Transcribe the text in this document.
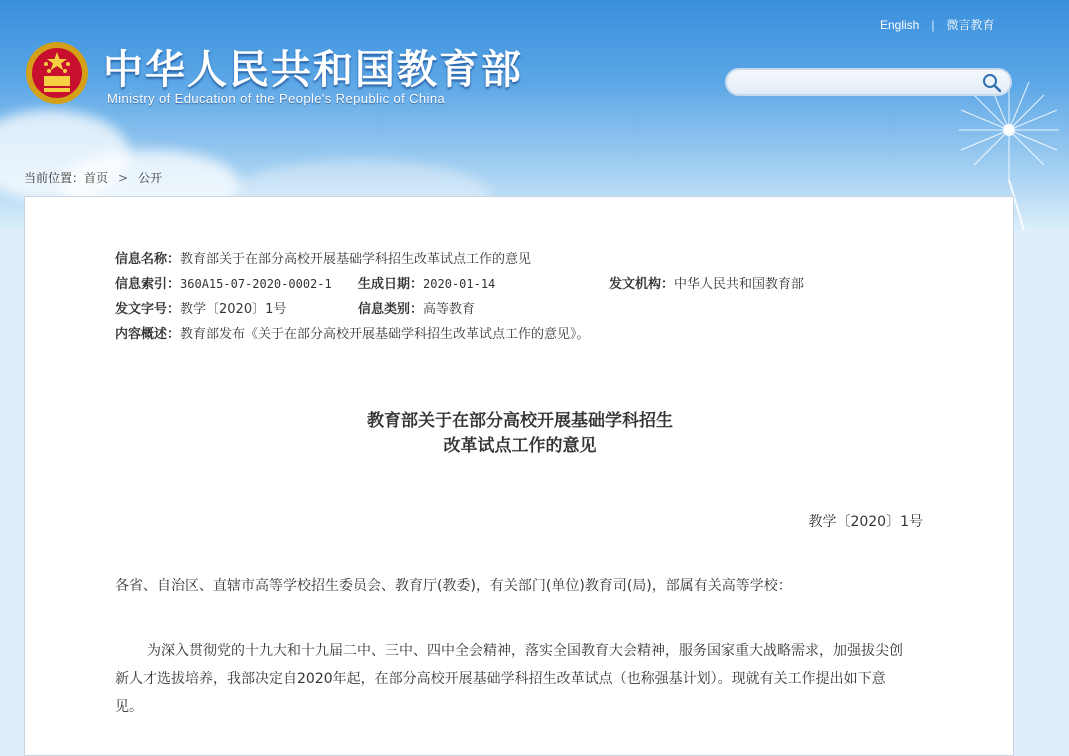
中华人民共和国教育部
Ministry of Education of the People's Republic of China
English | 微言教育
当前位置：首页 > 公开
信息名称：教育部关于在部分高校开展基础学科招生改革试点工作的意见
信息索引：360A15-07-2020-0002-1 生成日期：2020-01-14	发文机构：中华人民共和国教育部
发文字号：教学〔2020〕1号	信息类别：高等教育
内容概述：教育部发布《关于在部分高校开展基础学科招生改革试点工作的意见》。
教育部关于在部分高校开展基础学科招生
改革试点工作的意见
教学〔2020〕1号
各省、自治区、直辖市高等学校招生委员会、教育厅(教委)，有关部门(单位)教育司(局)，部属有关高等学校：
为深入贯彻党的十九大和十九届二中、三中、四中全会精神，落实全国教育大会精神，服务国家重大战略需求，加强拔尖创新人才选拔培养，我部决定自2020年起，在部分高校开展基础学科招生改革试点（也称强基计划）。现就有关工作提出如下意见。
